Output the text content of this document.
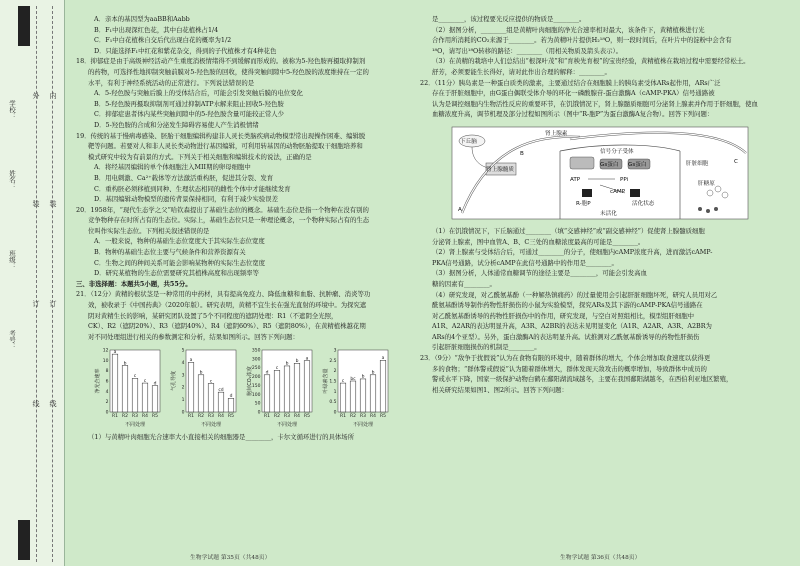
外
装
订
线
内
装
订
线
学校：
姓名：
班级：
考号：
A．亲本的基因型为aaBB和Aabb
B．F₁中出现深红色花，其中白花植株占1/4
C．F₁中白花植株自交后代出现白花的概率为1/2
D．只能选择F₁中红花和紫花杂交，得到的子代植株才有4种花色
18．抑郁症是由于高级神经活动产生重度消极情绪得不到缓解而形成的。被称为5-羟色胺再摄取抑制剂
的药物，可选择性地抑制突触前膜对5-羟色胺的回收，使得突触间隙中5-羟色胺的浓度维持在一定的
水平，有利于神经系统活动的正常进行。下列说法错误的是
A．5-羟色胺与突触后膜上的受体结合后，可能会引发突触后膜的电位变化
B．5-羟色胺再摄取抑制剂可通过抑制ATP水解来阻止回收5-羟色胺
C．抑郁症患者体内某些突触间隙中的5-羟色胺含量可能较正常人少
D．5-羟色胺的合成和分泌发生障碍容易使人产生消极情绪
19．传统的基于慢病毒感染、胚胎干细胞编辑构建非人灵长类脑疾病动物模型常出现操作困难、编辑脱
靶等问题。若要对人和非人灵长类动物进行基因编辑，可利用转基因的动物胚胎提取干细胞培养和
模式研究中较为有前景的方式。下列关于相关细胞和编辑技术的说法，正确的是
A．将经基因编辑的单个体细胞注入MII期的卵母细胞中
B．用电刺激、Ca²⁺载体等方法激活重构胚，促进其分裂、发育
C．重构胚必须移植到同种、生理状态相同的雌性个体中才能继续发育
D．基因编辑动物模型的遗传背景保持相同，有利于减少实验误差
20．1958年，“现代生态学之父”哈钦森提出了基础生态位的概念。基础生态位是指一个物种在没有别的
竞争物种存在时所占有的生态位。实际上，基础生态位只是一种理论概念，一个物种实际占有的生态
位叫作实际生态位。下列相关叙述错误的是
A．一般来说，物种的基础生态位宽度大于其实际生态位宽度
B．物种的基础生态位主要与气候条件和营养资源有关
C．生物之间的种间关系可能会影响某物种的实际生态位宽度
D．研究某植物的生态位需要研究其植株高度和出现频率等
三、非选择题：本题共5小题，共55分。
21．（12分）黄精的根状茎是一种常用的中药材，具有提高免疫力、降低血糖和血脂、抗肿瘤、消炎等功
效，被收录于《中国药典》（2020年版）。研究表明，黄精不宜生长在强光直射的环境中。为探究遮
阴对黄精生长的影响，某研究团队设置了5个不同程度的遮阴处理：R1（不遮阴全光照，
CK）、R2（遮阴20%）、R3（遮阴40%）、R4（遮阴60%）、R5（遮阴80%），在黄精植株越花期
对不同处理组进行相关的参数测定和分析，结果如图所示。回答下列问题：
0
2
4
6
8
10
12 a
R1
b
R2
c
R3
c
R4
d
R5
不同处理
净光合速率
0
1
2
3
4
5
a
R1
b
R2
c
R3
cd
R4
d
R5
不同处理
气孔导度
0
50
100
150
200
250
300
350
d
R1
c
R2
b
R3
b
R4
a
R5
不同处理
胞间CO₂浓度
0
0.5
1
1.5
2
2.5
3
c
R1
bc
R2
b
R3
b
R4
a
R5
不同处理
叶绿素含量
（1）与黄精叶肉细胞光合速率大小直接相关的细胞器是________，卡尔文循环进行的具体场所
生物学试题 第35页（共48页）
是________，该过程要光反应提供的物质是________。
（2）据图分析，________组是黄精叶肉细胞的净光合速率相对最大，该条件下，黄精植株进行光
合作用所消耗的CO₂来源于________。若为黄精叶片提供H₂¹⁸O，则一段时间后，在叶片中的淀粉中会含有
¹⁸O，请写出¹⁸O转移的路径：________（用相关物质及箭头表示）。
（3）在黄精的栽培中人们总结出“根深叶茂”和“育秧先育根”的宝贵经验，黄精植株在栽培过程中需要经常松土。
舒芳，必须要能生长得好，请对此作出合理的解释：________。
22．（11分）胰岛素是一种蛋白质类的激素，主要通过结合在细胞膜上的胰岛素受体ARs起作用，ARs广泛
存在于肝脏细胞中，由G蛋白偶联受体介导的环化一磷酸腺苷-蛋白激酶A（cAMP-PKA）信号通路被
认为是调控细胞内生物活性反应的重要环节，在饥饿情况下，肾上腺髓质细胞可分泌肾上腺素并作用于肝细胞，使血
血糖浓度升高，调节机理及部分过程如图所示（图中“R-胞P”为蛋白激酶A复合物）。回答下列问题：
下丘脑
肾上腺髓质
肾上腺素
信号分子受体
Gs蛋白 Gs蛋白
ATP	PPi
cAMP
R-胞P
未活化
活化状态
肝糖原
肝脏细胞
A
B
C
（1）在饥饿情况下，下丘脑通过________（填“交感神经”或“副交感神经”）促使肾上腺髓质细胞
分泌肾上腺素，图中血管A、B、C三处的血糖浓度最高的可能是________。
（2）肾上腺素与受体结合后，可通过________的分子，使细胞内cAMP浓度升高，进而激活cAMP-
PKA信号通路，试分析cAMP在此信号通路中的作用是________。
（3）据图分析，人体通常血糖调节的途径主要是________，可能会引发高血
糖的因素有________。
（4）研究发现，对乙酰氨基酚（一种解热镇痛药）的过量使用会引起肝脏细胞坏死，研究人员用对乙
酰氨基酚诱导制作药物性肝损伤的小鼠为实验模型，探究ARs及其下游的cAMP-PKA信号通路在
对乙酰氨基酚诱导的药物性肝损伤中的作用，研究发现，与空白对照组相比，模型组肝细胞中
A1R、A2AR的表达明显升高，A3R、A2BR的表达未见明显变化（A1R、A2AR、A3R、A2BR为
ARs的4个亚型）。另外，蛋白激酶A的表达明显升高。试推测对乙酰氨基酚诱导的药物性肝损伤
引起肝脏细胞损伤的机制是________。
23．（9分）“敌争于扰假说”认为在食物有限的环境中，随着群体的增大，个体会增加取食速度以获得更
多的食物；“群体警戒假说”认为随着群体增大，群体发现天敌攻击的概率增加，导致群体中成员的
警戒水平下降，国家一级保护动物白鹤在鄱阳湖流域越冬，主要在我国鄱阳湖越冬，在西伯利亚地区繁殖，
相关研究结果如图1、图2所示。回答下列问题：
生物学试题 第36页（共48页）
